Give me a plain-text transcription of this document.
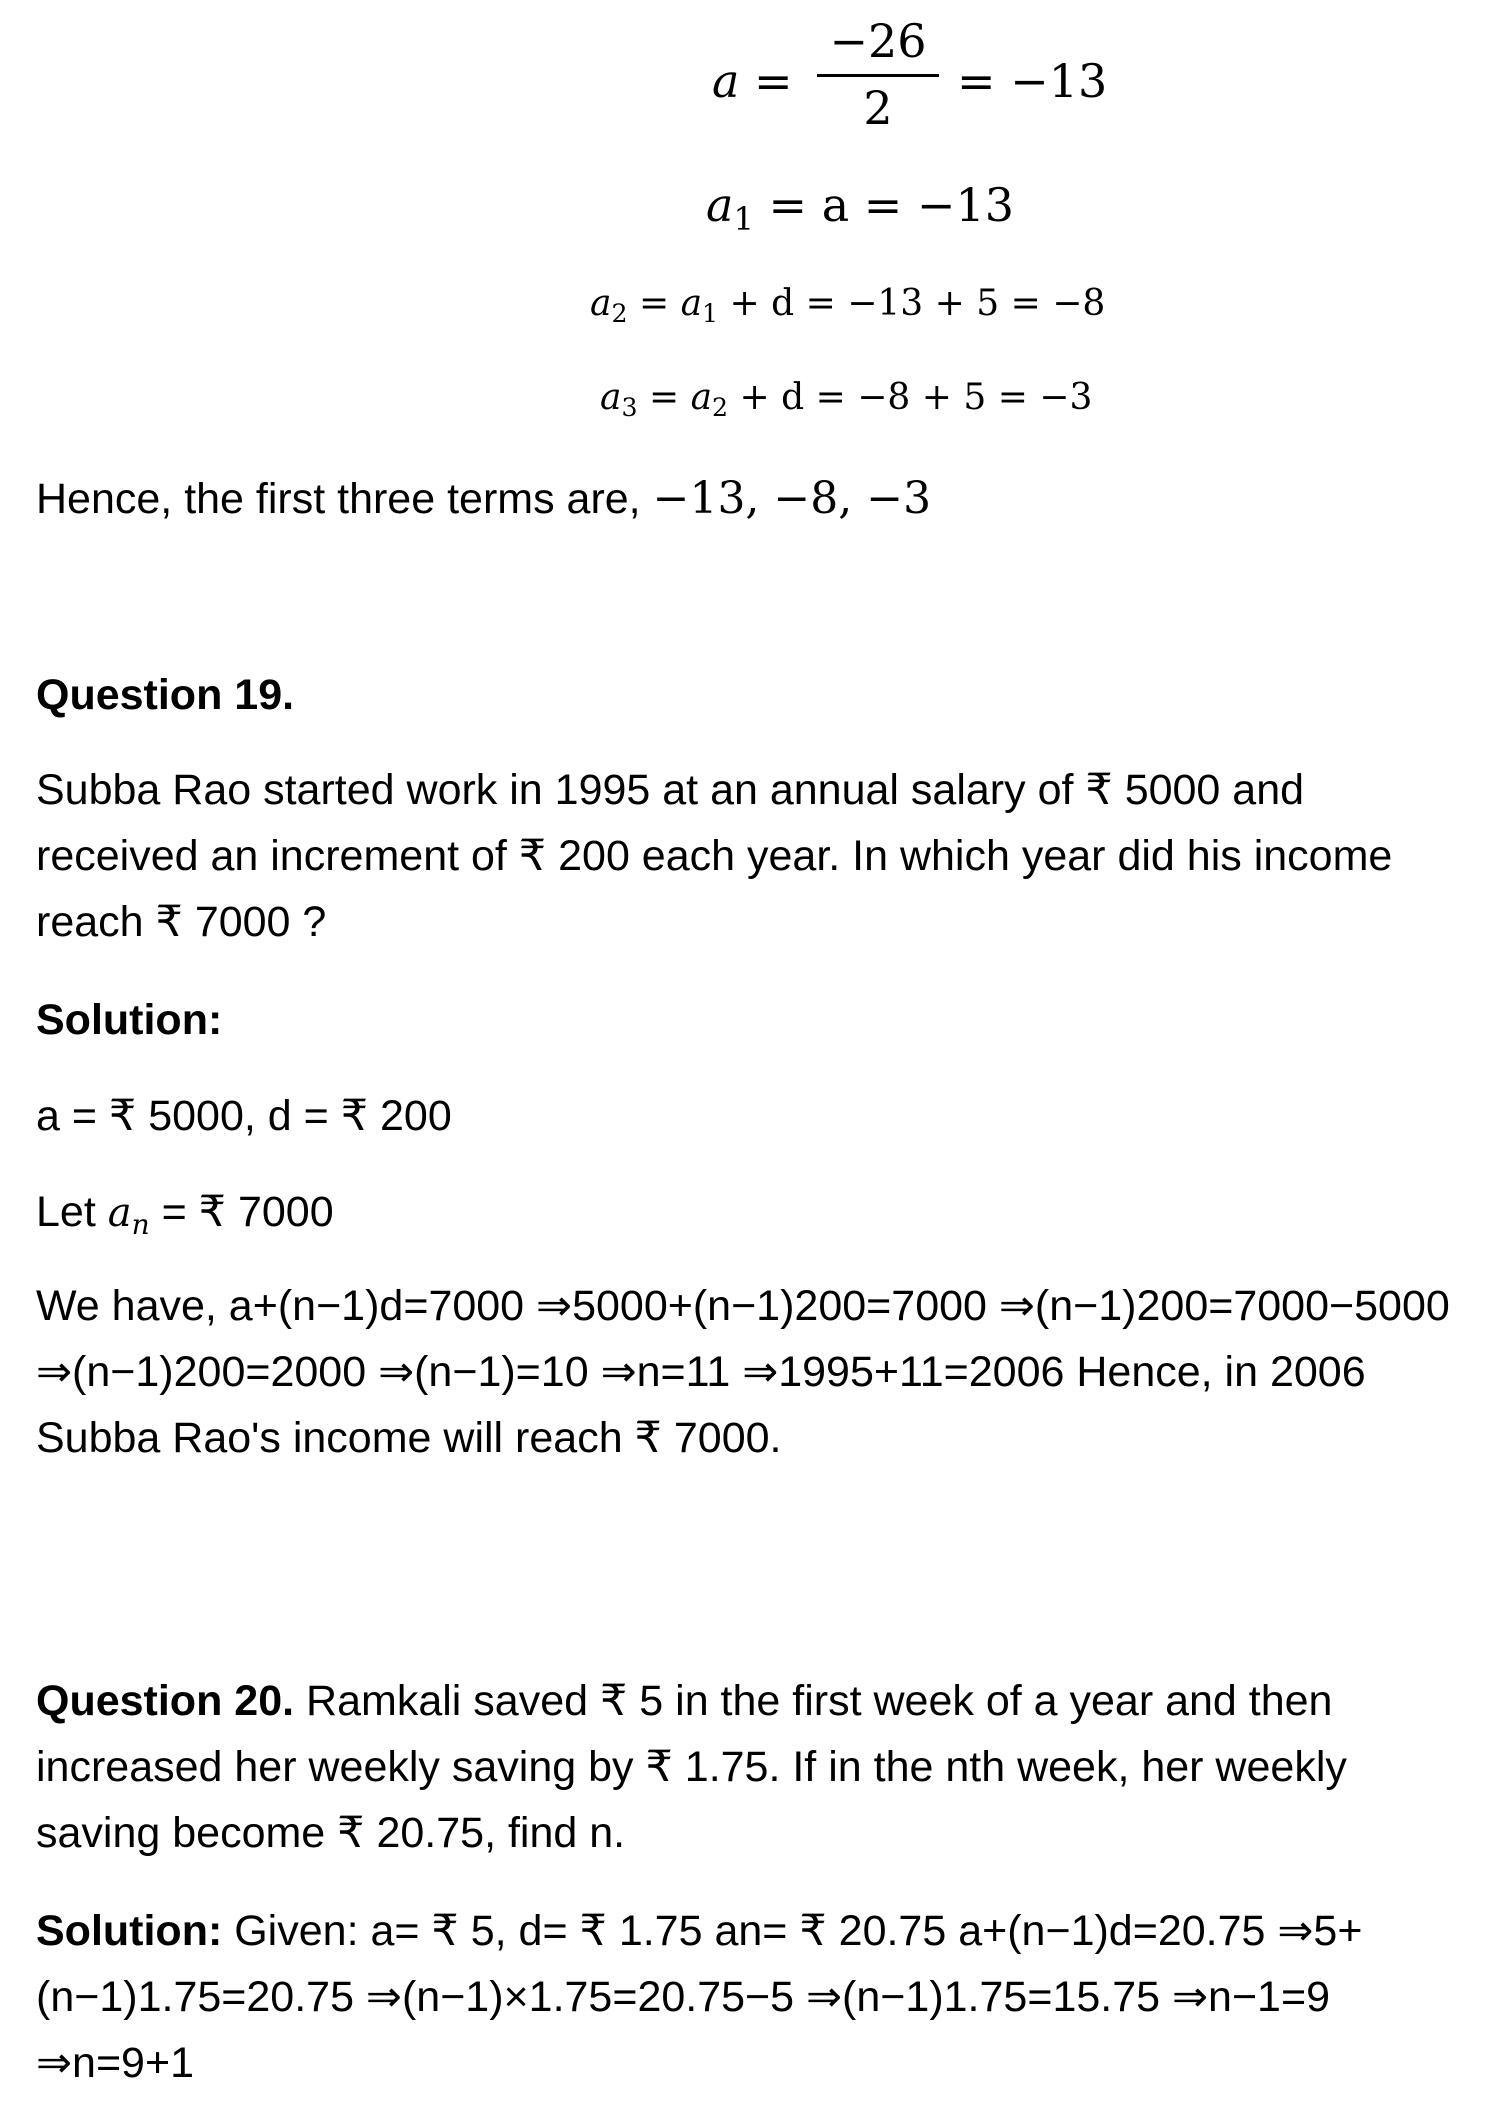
a =
−26
2	= −13
$a_1 = a = -13$
$a_2 = a_1 + d = -13 + 5 = -8$
$a_3 = a_2 + d = -8 + 5 = -3$

Hence, the first three terms are, −13, −8, −3

Question 19.

Subba Rao started work in 1995 at an annual salary of ₹ 5000 and received an increment of ₹ 200 each year. In which year did his income reach ₹ 7000 ?

Solution:

a = ₹ 5000, d = ₹ 200

Let $a_n$ = ₹ 7000

We have, a+(n−1)d=7000 ⇒5000+(n−1)200=7000 ⇒(n−1)200=7000−5000 ⇒(n−1)200=2000 ⇒(n−1)=10 ⇒n=11 ⇒1995+11=2006 Hence, in 2006 Subba Rao's income will reach ₹ 7000.

Question 20. Ramkali saved ₹ 5 in the first week of a year and then increased her weekly saving by ₹ 1.75. If in the nth week, her weekly saving become ₹ 20.75, find n.

Solution: Given: a= ₹ 5, d= ₹ 1.75 an= ₹ 20.75 a+(n−1)d=20.75 ⇒5+(n−1)1.75=20.75 ⇒(n−1)×1.75=20.75−5 ⇒(n−1)1.75=15.75 ⇒n−1=9 ⇒n=9+1
